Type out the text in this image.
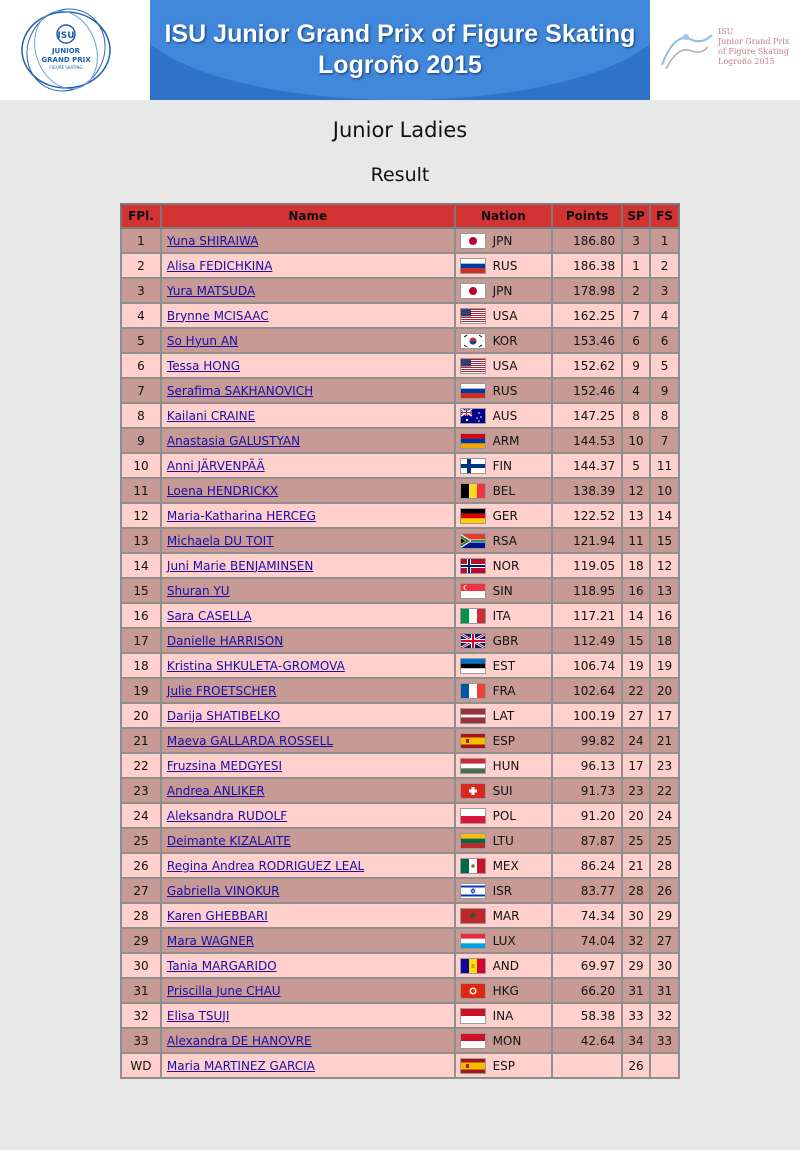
ISU
JUNIOR
GRAND PRIX
FIGURE SKATING
ISU Junior Grand Prix of Figure Skating
Logroño 2015
ISU
Junior Grand Prix
of Figure Skating
Logroño 2015
Junior Ladies
Result
FPl.	Name	Nation	Points	SP	FS
1	Yuna SHIRAIWA	JPN	186.80	3	1
2	Alisa FEDICHKINA	RUS	186.38	1	2
3	Yura MATSUDA	JPN	178.98	2	3
4	Brynne MCISAAC	USA	162.25	7	4
5	So Hyun AN	KOR	153.46	6	6
6	Tessa HONG	USA	152.62	9	5
7	Serafima SAKHANOVICH	RUS	152.46	4	9
8	Kailani CRAINE	AUS	147.25	8	8
9	Anastasia GALUSTYAN	ARM	144.53	10	7
10	Anni JÄRVENPÄÄ	FIN	144.37	5	11
11	Loena HENDRICKX	BEL	138.39	12	10
12	Maria-Katharina HERCEG	GER	122.52	13	14
13	Michaela DU TOIT	RSA	121.94	11	15
14	Juni Marie BENJAMINSEN	NOR	119.05	18	12
15	Shuran YU	SIN	118.95	16	13
16	Sara CASELLA	ITA	117.21	14	16
17	Danielle HARRISON	GBR	112.49	15	18
18	Kristina SHKULETA-GROMOVA	EST	106.74	19	19
19	Julie FROETSCHER	FRA	102.64	22	20
20	Darija SHATIBELKO	LAT	100.19	27	17
21	Maeva GALLARDA ROSSELL	ESP	99.82	24	21
22	Fruzsina MEDGYESI	HUN	96.13	17	23
23	Andrea ANLIKER	SUI	91.73	23	22
24	Aleksandra RUDOLF	POL	91.20	20	24
25	Deimante KIZALAITE	LTU	87.87	25	25
26	Regina Andrea RODRIGUEZ LEAL	MEX	86.24	21	28
27	Gabriella VINOKUR	ISR	83.77	28	26
28	Karen GHEBBARI	MAR	74.34	30	29
29	Mara WAGNER	LUX	74.04	32	27
30	Tania MARGARIDO	AND	69.97	29	30
31	Priscilla June CHAU	HKG	66.20	31	31
32	Elisa TSUJI	INA	58.38	33	32
33	Alexandra DE HANOVRE	MON	42.64	34	33
WD	Maria MARTINEZ GARCIA	ESP		26	
